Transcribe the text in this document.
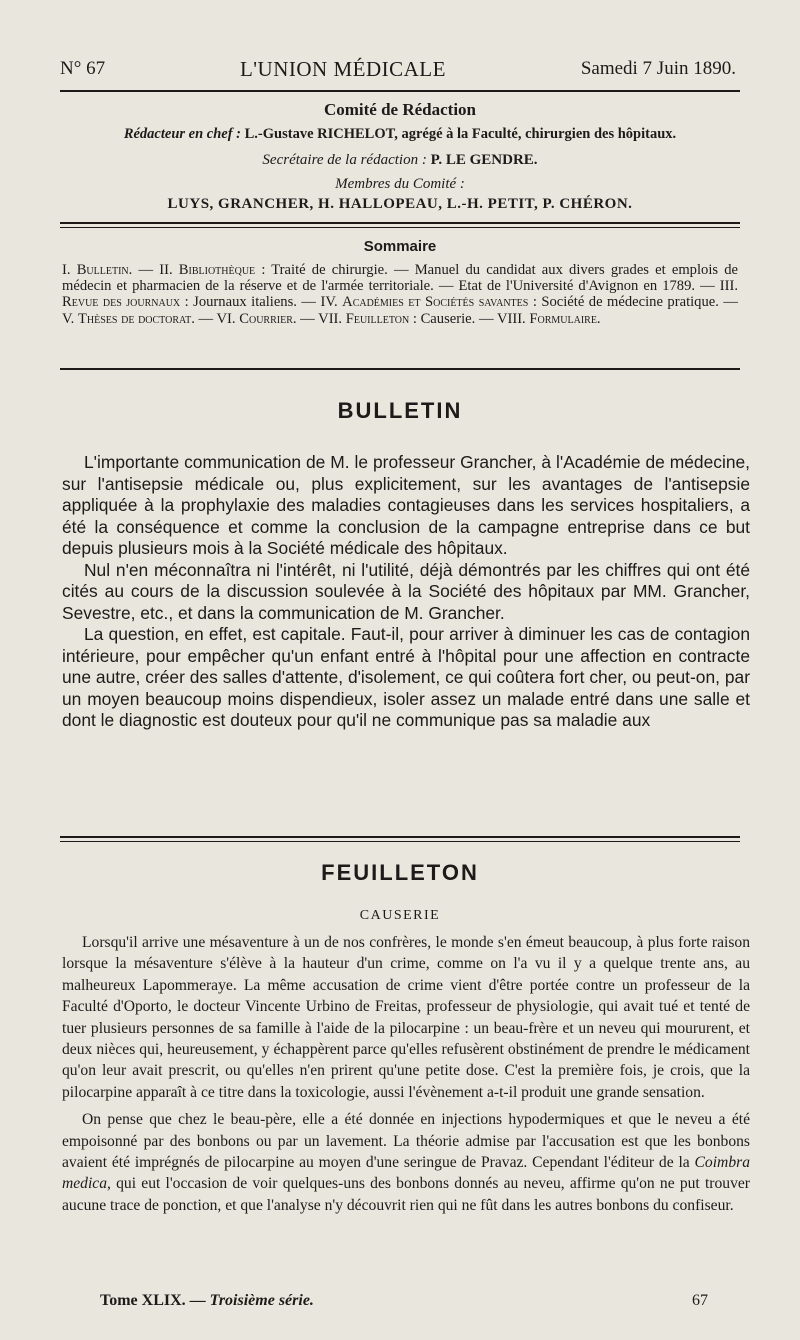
N° 67	L'UNION MÉDICALE	Samedi 7 Juin 1890.
Comité de Rédaction
Rédacteur en chef : L.-Gustave RICHELOT, agrégé à la Faculté, chirurgien des hôpitaux.
Secrétaire de la rédaction : P. LE GENDRE.
Membres du Comité :
LUYS, GRANCHER, H. HALLOPEAU, L.-H. PETIT, P. CHÉRON.
Sommaire
I. Bulletin. — II. Bibliothèque : Traité de chirurgie. — Manuel du candidat aux divers grades et emplois de médecin et pharmacien de la réserve et de l'armée territoriale. — Etat de l'Université d'Avignon en 1789. — III. Revue des journaux : Journaux italiens. — IV. Académies et Sociétés savantes : Société de médecine pratique. — V. Thèses de doctorat. — VI. Courrier. — VII. Feuilleton : Causerie. — VIII. Formulaire.
BULLETIN

L'importante communication de M. le professeur Grancher, à l'Académie de médecine, sur l'antisepsie médicale ou, plus explicitement, sur les avantages de l'antisepsie appliquée à la prophylaxie des maladies contagieuses dans les services hospitaliers, a été la conséquence et comme la conclusion de la campagne entreprise dans ce but depuis plusieurs mois à la Société médicale des hôpitaux.

Nul n'en méconnaîtra ni l'intérêt, ni l'utilité, déjà démontrés par les chiffres qui ont été cités au cours de la discussion soulevée à la Société des hôpitaux par MM. Grancher, Sevestre, etc., et dans la communication de M. Grancher.

La question, en effet, est capitale. Faut-il, pour arriver à diminuer les cas de contagion intérieure, pour empêcher qu'un enfant entré à l'hôpital pour une affection en contracte une autre, créer des salles d'attente, d'isolement, ce qui coûtera fort cher, ou peut-on, par un moyen beaucoup moins dispendieux, isoler assez un malade entré dans une salle et dont le diagnostic est douteux pour qu'il ne communique pas sa maladie aux

FEUILLETON
CAUSERIE

Lorsqu'il arrive une mésaventure à un de nos confrères, le monde s'en émeut beaucoup, à plus forte raison lorsque la mésaventure s'élève à la hauteur d'un crime, comme on l'a vu il y a quelque trente ans, au malheureux Lapommeraye. La même accusation de crime vient d'être portée contre un professeur de la Faculté d'Oporto, le docteur Vincente Urbino de Freitas, professeur de physiologie, qui avait tué et tenté de tuer plusieurs personnes de sa famille à l'aide de la pilocarpine : un beau-frère et un neveu qui moururent, et deux nièces qui, heureusement, y échappèrent parce qu'elles refusèrent obstinément de prendre le médicament qu'on leur avait prescrit, ou qu'elles n'en prirent qu'une petite dose. C'est la première fois, je crois, que la pilocarpine apparaît à ce titre dans la toxicologie, aussi l'évènement a-t-il produit une grande sensation.

On pense que chez le beau-père, elle a été donnée en injections hypodermiques et que le neveu a été empoisonné par des bonbons ou par un lavement. La théorie admise par l'accusation est que les bonbons avaient été imprégnés de pilocarpine au moyen d'une seringue de Pravaz. Cependant l'éditeur de la Coimbra medica, qui eut l'occasion de voir quelques-uns des bonbons donnés au neveu, affirme qu'on ne put trouver aucune trace de ponction, et que l'analyse n'y découvrit rien qui ne fût dans les autres bonbons du confiseur.

Tome XLIX. — Troisième série.	67
